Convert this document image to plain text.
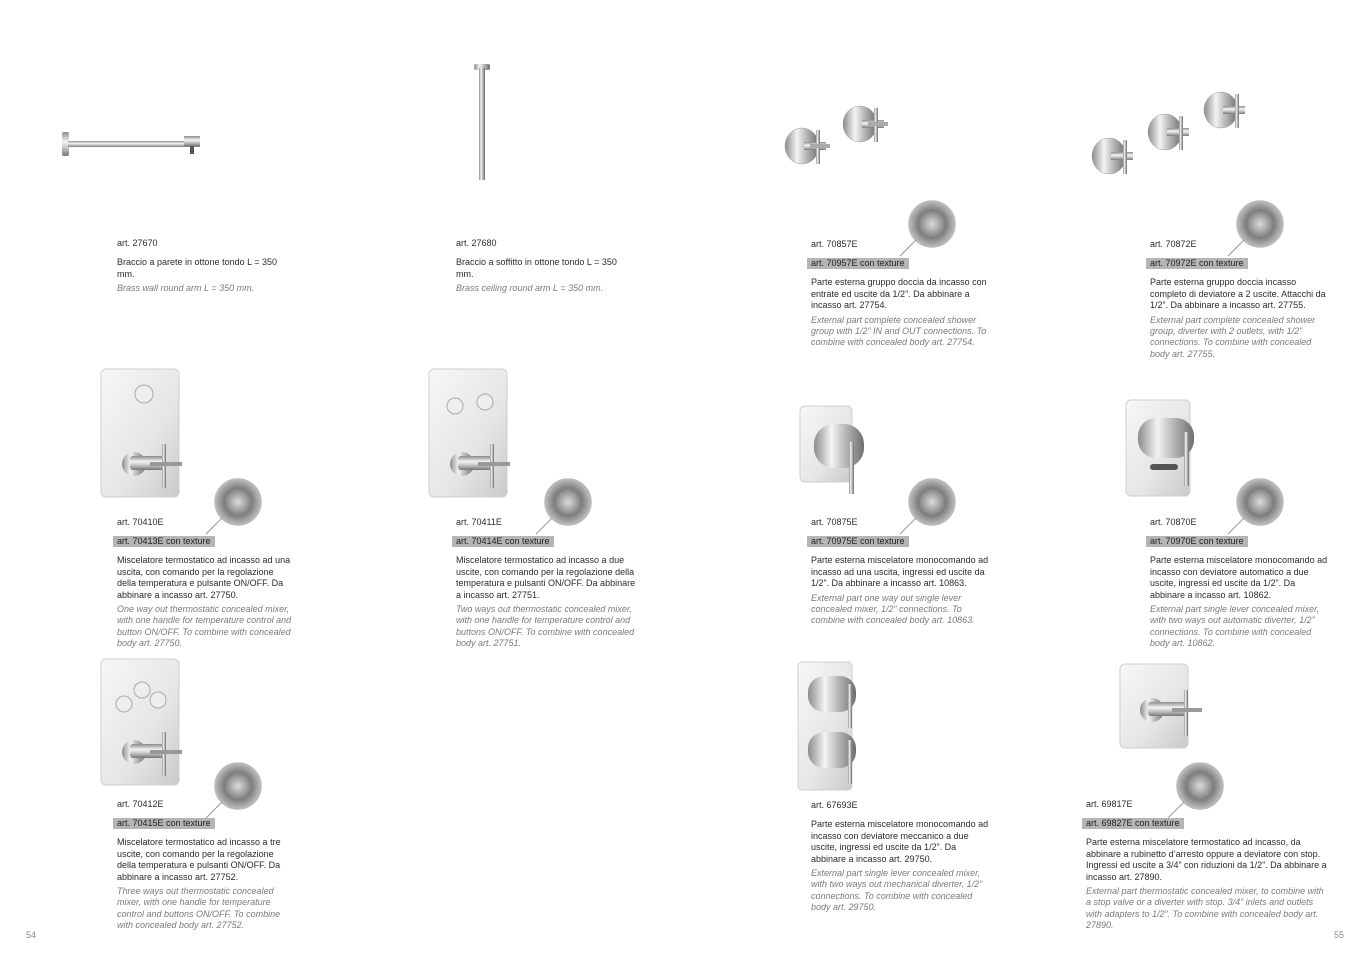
art. 27670

Braccio a parete in ottone tondo L = 350 mm.

Brass wall round arm L = 350 mm.

art. 27680

Braccio a soffitto in ottone tondo L = 350 mm.

Brass ceiling round arm L = 350 mm.

art. 70857E
art. 70957E con texture

Parte esterna gruppo doccia da incasso con entrate ed uscite da 1/2”. Da abbinare a incasso art. 27754.

External part complete concealed shower group with 1/2” IN and OUT connections. To combine with concealed body art. 27754.

art. 70872E
art. 70972E con texture

Parte esterna gruppo doccia incasso completo di deviatore a 2 uscite. Attacchi da 1/2”. Da abbinare a incasso art. 27755.

External part complete concealed shower group, diverter with 2 outlets, with 1/2” connections. To combine with concealed body art. 27755.

art. 70410E
art. 70413E con texture

Miscelatore termostatico ad incasso ad una uscita, con comando per la regolazione della temperatura e pulsante ON/OFF. Da abbinare a incasso art. 27750.

One way out thermostatic concealed mixer, with one handle for temperature control and button ON/OFF. To combine with concealed body art. 27750.

art. 70411E
art. 70414E con texture

Miscelatore termostatico ad incasso a due uscite, con comando per la regolazione della temperatura e pulsanti ON/OFF. Da abbinare a incasso art. 27751.

Two ways out thermostatic concealed mixer, with one handle for temperature control and buttons ON/OFF. To combine with concealed body art. 27751.

art. 70875E
art. 70975E con texture

Parte esterna miscelatore monocomando ad incasso ad una uscita, ingressi ed uscite da 1/2”. Da abbinare a incasso art. 10863.

External part one way out single lever concealed mixer, 1/2” connections. To combine with concealed body art. 10863.

art. 70870E
art. 70970E con texture

Parte esterna miscelatore monocomando ad incasso con deviatore automatico a due uscite, ingressi ed uscite da 1/2”. Da abbinare a incasso art. 10862.

External part single lever concealed mixer, with two ways out automatic diverter, 1/2” connections. To combine with concealed body art. 10862.

art. 70412E
art. 70415E con texture

Miscelatore termostatico ad incasso a tre uscite, con comando per la regolazione della temperatura e pulsanti ON/OFF. Da abbinare a incasso art. 27752.

Three ways out thermostatic concealed mixer, with one handle for temperature control and buttons ON/OFF. To combine with concealed body art. 27752.

art. 67693E

Parte esterna miscelatore monocomando ad incasso con deviatore meccanico a due uscite, ingressi ed uscite da 1/2”. Da abbinare a incasso art. 29750.

External part single lever concealed mixer, with two ways out mechanical diverter, 1/2” connections. To combine with concealed body art. 29750.

art. 69817E
art. 69827E con texture

Parte esterna miscelatore termostatico ad incasso, da abbinare a rubinetto d’arresto oppure a deviatore con stop. Ingressi ed uscite a 3/4” con riduzioni da 1/2”. Da abbinare a incasso art. 27890.

External part thermostatic concealed mixer, to combine with a stop valve or a diverter with stop. 3/4” inlets and outlets with adapters to 1/2”. To combine with concealed body art. 27890.

54	55
